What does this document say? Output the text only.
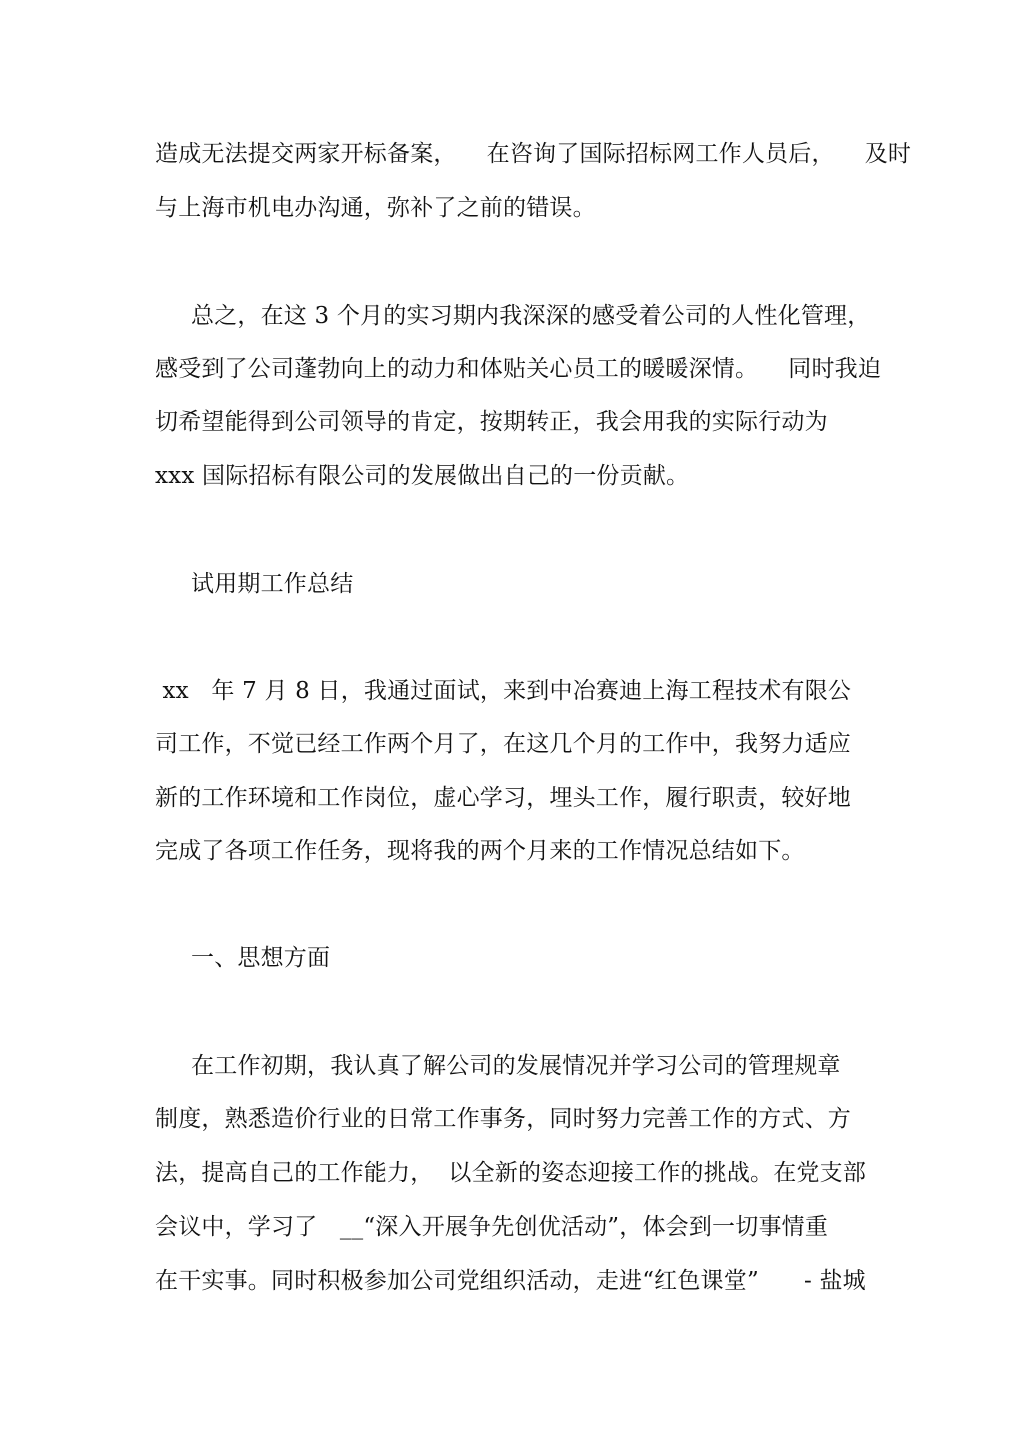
造成无法提交两家开标备案，    在咨询了国际招标网工作人员后，    及时
与上海市机电办沟通，弥补了之前的错误。
总之，在这 3 个月的实习期内我深深的感受着公司的人性化管理，
感受到了公司蓬勃向上的动力和体贴关心员工的暖暖深情。    同时我迫
切希望能得到公司领导的肯定，按期转正，我会用我的实际行动为
xxx 国际招标有限公司的发展做出自己的一份贡献。
试用期工作总结
xx   年 7 月 8 日，我通过面试，来到中冶赛迪上海工程技术有限公
司工作，不觉已经工作两个月了，在这几个月的工作中，我努力适应
新的工作环境和工作岗位，虚心学习，埋头工作，履行职责，较好地
完成了各项工作任务，现将我的两个月来的工作情况总结如下。
一、思想方面
在工作初期，我认真了解公司的发展情况并学习公司的管理规章
制度，熟悉造价行业的日常工作事务，同时努力完善工作的方式、方
法，提高自己的工作能力，  以全新的姿态迎接工作的挑战。在党支部
会议中，学习了   __“深入开展争先创优活动”，体会到一切事情重
在干实事。同时积极参加公司党组织活动，走进“红色课堂”      - 盐城
